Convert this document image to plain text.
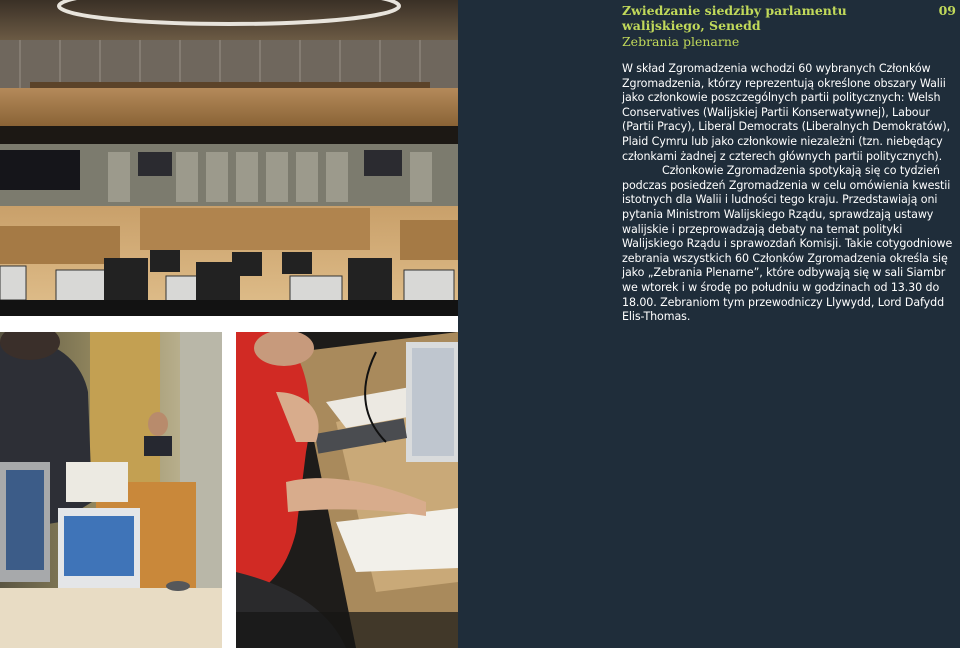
Zwiedzanie siedziby parlamentu walijskiego, Senedd
Zebrania plenarne
09

W skład Zgromadzenia wchodzi 60 wybranych Członków Zgromadzenia, którzy reprezentują określone obszary Walii jako członkowie poszczególnych partii politycznych: Welsh Conservatives (Walijskiej Partii Konserwatywnej), Labour (Partii Pracy), Liberal Democrats (Liberalnych Demokratów), Plaid Cymru lub jako członkowie niezależni (tzn. niebędący członkami żadnej z czterech głównych partii politycznych).

Członkowie Zgromadzenia spotykają się co tydzień podczas posiedzeń Zgromadzenia w celu omówienia kwestii istotnych dla Walii i ludności tego kraju. Przedstawiają oni pytania Ministrom Walijskiego Rządu, sprawdzają ustawy walijskie i przeprowadzają debaty na temat polityki Walijskiego Rządu i sprawozdań Komisji. Takie cotygodniowe zebrania wszystkich 60 Członków Zgromadzenia określa się jako „Zebrania Plenarne”, które odbywają się w sali Siambr we wtorek i w środę po południu w godzinach od 13.30 do 18.00. Zebraniom tym przewodniczy Llywydd, Lord Dafydd Elis-Thomas.
